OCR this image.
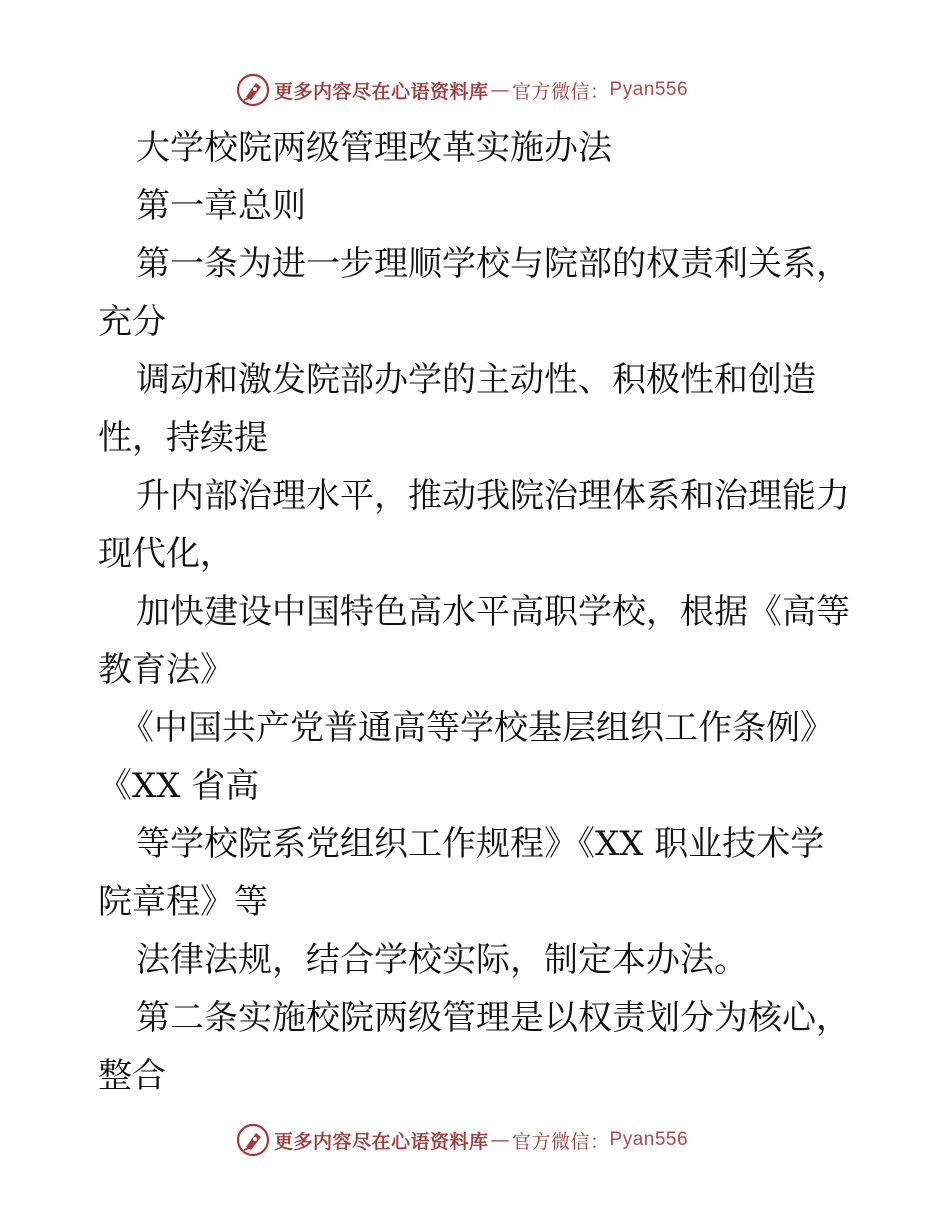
更多内容尽在心语资料库 — 官方微信： Pyan556
大学校院两级管理改革实施办法
第一章总则
第一条为进一步理顺学校与院部的权责利关系，
充分
调动和激发院部办学的主动性、积极性和创造
性，持续提
升内部治理水平，推动我院治理体系和治理能力
现代化，
加快建设中国特色高水平高职学校，根据《高等
教育法》
《中国共产党普通高等学校基层组织工作条例》
《XX 省高
等学校院系党组织工作规程》《XX 职业技术学
院章程》等
法律法规，结合学校实际，制定本办法。
第二条实施校院两级管理是以权责划分为核心，
整合
更多内容尽在心语资料库 — 官方微信： Pyan556
